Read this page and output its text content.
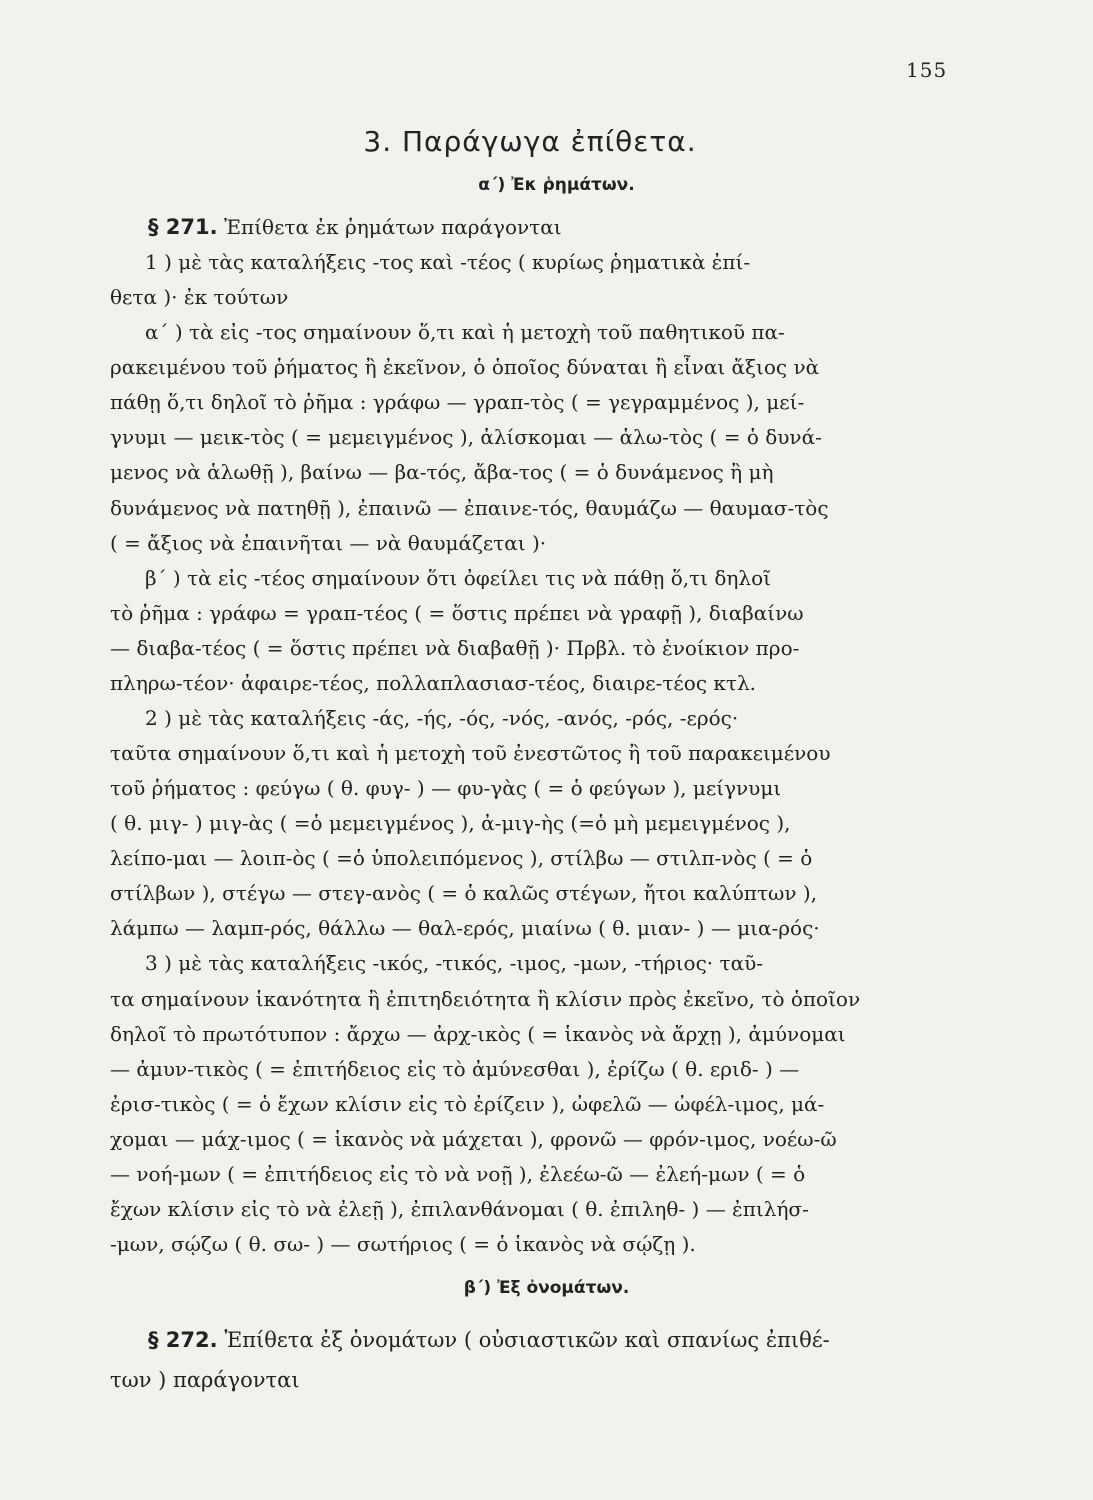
155
3. Παράγωγα ἐπίθετα.
α΄) Ἐκ ῥημάτων.
§ 271. Ἐπίθετα ἐκ ῥημάτων παράγονται
1 ) μὲ τὰς καταλήξεις -τος καὶ -τέος ( κυρίως ῥηματικὰ ἐπί-
θετα )· ἐκ τούτων
α΄ ) τὰ εἰς -τος σημαίνουν ὅ,τι καὶ ἡ μετοχὴ τοῦ παθητικοῦ πα-
ρακειμένου τοῦ ῥήματος ἢ ἐκεῖνον, ὁ ὁποῖος δύναται ἢ εἶναι ἄξιος νὰ
πάθῃ ὅ,τι δηλοῖ τὸ ῥῆμα : γράφω — γραπ-τὸς ( = γεγραμμένος ), μεί-
γνυμι — μεικ-τὸς ( = μεμειγμένος ), ἁλίσκομαι — ἁλω-τὸς ( = ὁ δυνά-
μενος νὰ ἁλωθῇ ), βαίνω — βα-τός, ἄβα-τος ( = ὁ δυνάμενος ἢ μὴ
δυνάμενος νὰ πατηθῇ ), ἐπαινῶ — ἐπαινε-τός, θαυμάζω — θαυμασ-τὸς
( = ἄξιος νὰ ἐπαινῆται — νὰ θαυμάζεται )·
β΄ ) τὰ εἰς -τέος σημαίνουν ὅτι ὀφείλει τις νὰ πάθῃ ὅ,τι δηλοῖ
τὸ ῥῆμα : γράφω = γραπ-τέος ( = ὅστις πρέπει νὰ γραφῇ ), διαβαίνω
— διαβα-τέος ( = ὅστις πρέπει νὰ διαβαθῇ )· Πρβλ. τὸ ἐνοίκιον προ-
πληρω-τέον· ἀφαιρε-τέος, πολλαπλασιασ-τέος, διαιρε-τέος κτλ.
2 ) μὲ τὰς καταλήξεις -άς, -ής, -ός, -νός, -ανός, -ρός, -ερός·
ταῦτα σημαίνουν ὅ,τι καὶ ἡ μετοχὴ τοῦ ἐνεστῶτος ἢ τοῦ παρακειμένου
τοῦ ῥήματος : φεύγω ( θ. φυγ- ) — φυ-γὰς ( = ὁ φεύγων ), μείγνυμι
( θ. μιγ- ) μιγ-ὰς ( =ὁ μεμειγμένος ), ἀ-μιγ-ὴς (=ὁ μὴ μεμειγμένος ),
λείπο-μαι — λοιπ-ὸς ( =ὁ ὑπολειπόμενος ), στίλβω — στιλπ-νὸς ( = ὁ
στίλβων ), στέγω — στεγ-ανὸς ( = ὁ καλῶς στέγων, ἤτοι καλύπτων ),
λάμπω — λαμπ-ρός, θάλλω — θαλ-ερός, μιαίνω ( θ. μιαν- ) — μια-ρός·
3 ) μὲ τὰς καταλήξεις -ικός, -τικός, -ιμος, -μων, -τήριος· ταῦ-
τα σημαίνουν ἱκανότητα ἢ ἐπιτηδειότητα ἢ κλίσιν πρὸς ἐκεῖνο, τὸ ὁποῖον
δηλοῖ τὸ πρωτότυπον : ἄρχω — ἀρχ-ικὸς ( = ἱκανὸς νὰ ἄρχῃ ), ἀμύνομαι
— ἀμυν-τικὸς ( = ἐπιτήδειος εἰς τὸ ἀμύνεσθαι ), ἐρίζω ( θ. εριδ- ) —
ἐρισ-τικὸς ( = ὁ ἔχων κλίσιν εἰς τὸ ἐρίζειν ), ὠφελῶ — ὠφέλ-ιμος, μά-
χομαι — μάχ-ιμος ( = ἱκανὸς νὰ μάχεται ), φρονῶ — φρόν-ιμος, νοέω-ῶ
— νοή-μων ( = ἐπιτήδειος εἰς τὸ νὰ νοῇ ), ἐλεέω-ῶ — ἐλεή-μων ( = ὁ
ἔχων κλίσιν εἰς τὸ νὰ ἐλεῇ ), ἐπιλανθάνομαι ( θ. ἐπιληθ- ) — ἐπιλήσ-
-μων, σῴζω ( θ. σω- ) — σωτήριος ( = ὁ ἱκανὸς νὰ σῴζῃ ).
β΄) Ἐξ ὀνομάτων.
§ 272. Ἐπίθετα ἐξ ὀνομάτων ( οὐσιαστικῶν καὶ σπανίως ἐπιθέ-
των ) παράγονται
